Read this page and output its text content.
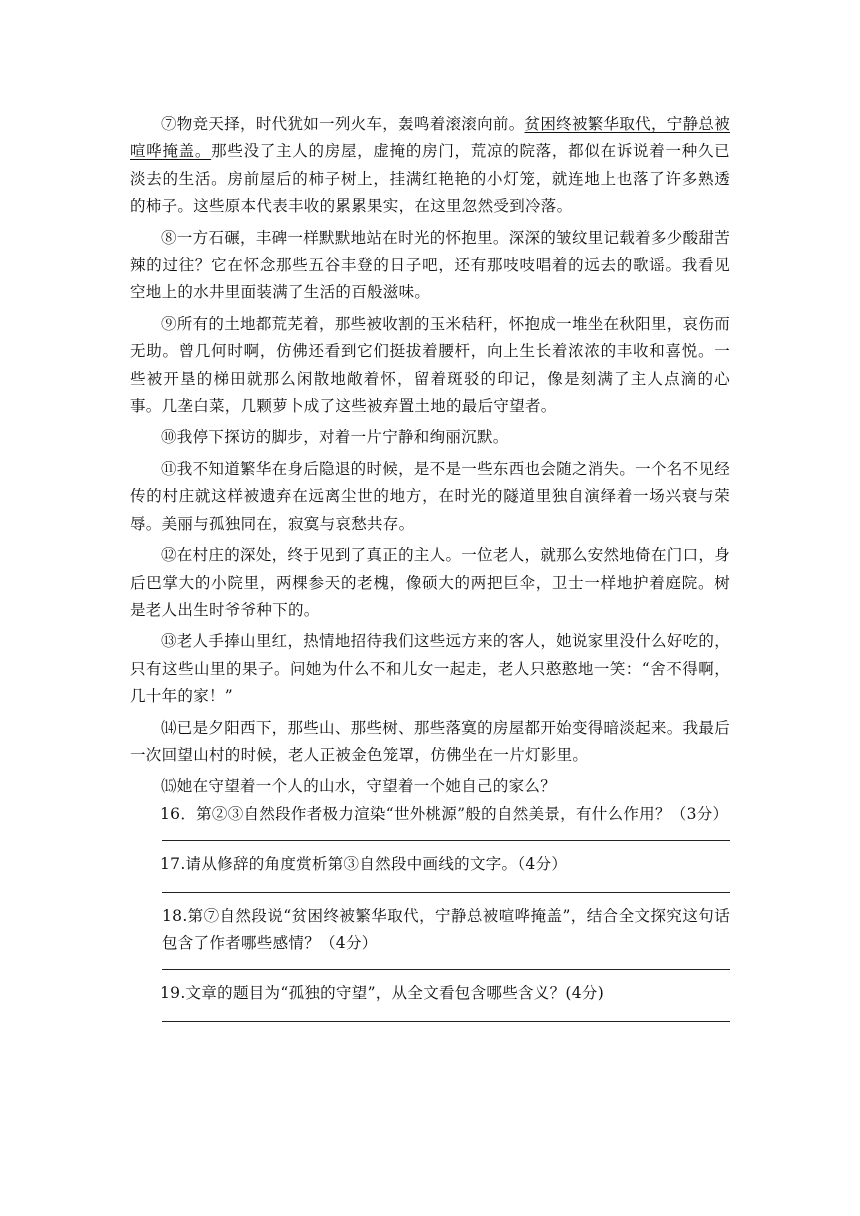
⑦物竞天择，时代犹如一列火车，轰鸣着滚滚向前。贫困终被繁华取代，宁静总被喧哗掩盖。那些没了主人的房屋，虚掩的房门，荒凉的院落，都似在诉说着一种久已淡去的生活。房前屋后的柿子树上，挂满红艳艳的小灯笼，就连地上也落了许多熟透的柿子。这些原本代表丰收的累累果实，在这里忽然受到冷落。

⑧一方石碾，丰碑一样默默地站在时光的怀抱里。深深的皱纹里记载着多少酸甜苦辣的过往？它在怀念那些五谷丰登的日子吧，还有那吱吱唱着的远去的歌谣。我看见空地上的水井里面装满了生活的百般滋味。

⑨所有的土地都荒芜着，那些被收割的玉米秸秆，怀抱成一堆坐在秋阳里，哀伤而无助。曾几何时啊，仿佛还看到它们挺拔着腰杆，向上生长着浓浓的丰收和喜悦。一些被开垦的梯田就那么闲散地敞着怀，留着斑驳的印记，像是刻满了主人点滴的心事。几垄白菜，几颗萝卜成了这些被弃置土地的最后守望者。

⑩我停下探访的脚步，对着一片宁静和绚丽沉默。

⑪我不知道繁华在身后隐退的时候，是不是一些东西也会随之消失。一个名不见经传的村庄就这样被遗弃在远离尘世的地方，在时光的隧道里独自演绎着一场兴衰与荣辱。美丽与孤独同在，寂寞与哀愁共存。

⑫在村庄的深处，终于见到了真正的主人。一位老人，就那么安然地倚在门口，身后巴掌大的小院里，两棵参天的老槐，像硕大的两把巨伞，卫士一样地护着庭院。树是老人出生时爷爷种下的。

⑬老人手捧山里红，热情地招待我们这些远方来的客人，她说家里没什么好吃的，只有这些山里的果子。问她为什么不和儿女一起走，老人只憨憨地一笑：“舍不得啊，几十年的家！”

⒁已是夕阳西下，那些山、那些树、那些落寞的房屋都开始变得暗淡起来。我最后一次回望山村的时候，老人正被金色笼罩，仿佛坐在一片灯影里。

⒂她在守望着一个人的山水，守望着一个她自己的家么？

16．第②③自然段作者极力渲染“世外桃源”般的自然美景，有什么作用？（3分）

17.请从修辞的角度赏析第③自然段中画线的文字。（4分）

18.第⑦自然段说“贫困终被繁华取代，宁静总被喧哗掩盖”，结合全文探究这句话包含了作者哪些感情？（4分）

19.文章的题目为“孤独的守望”，从全文看包含哪些含义？(4分)
